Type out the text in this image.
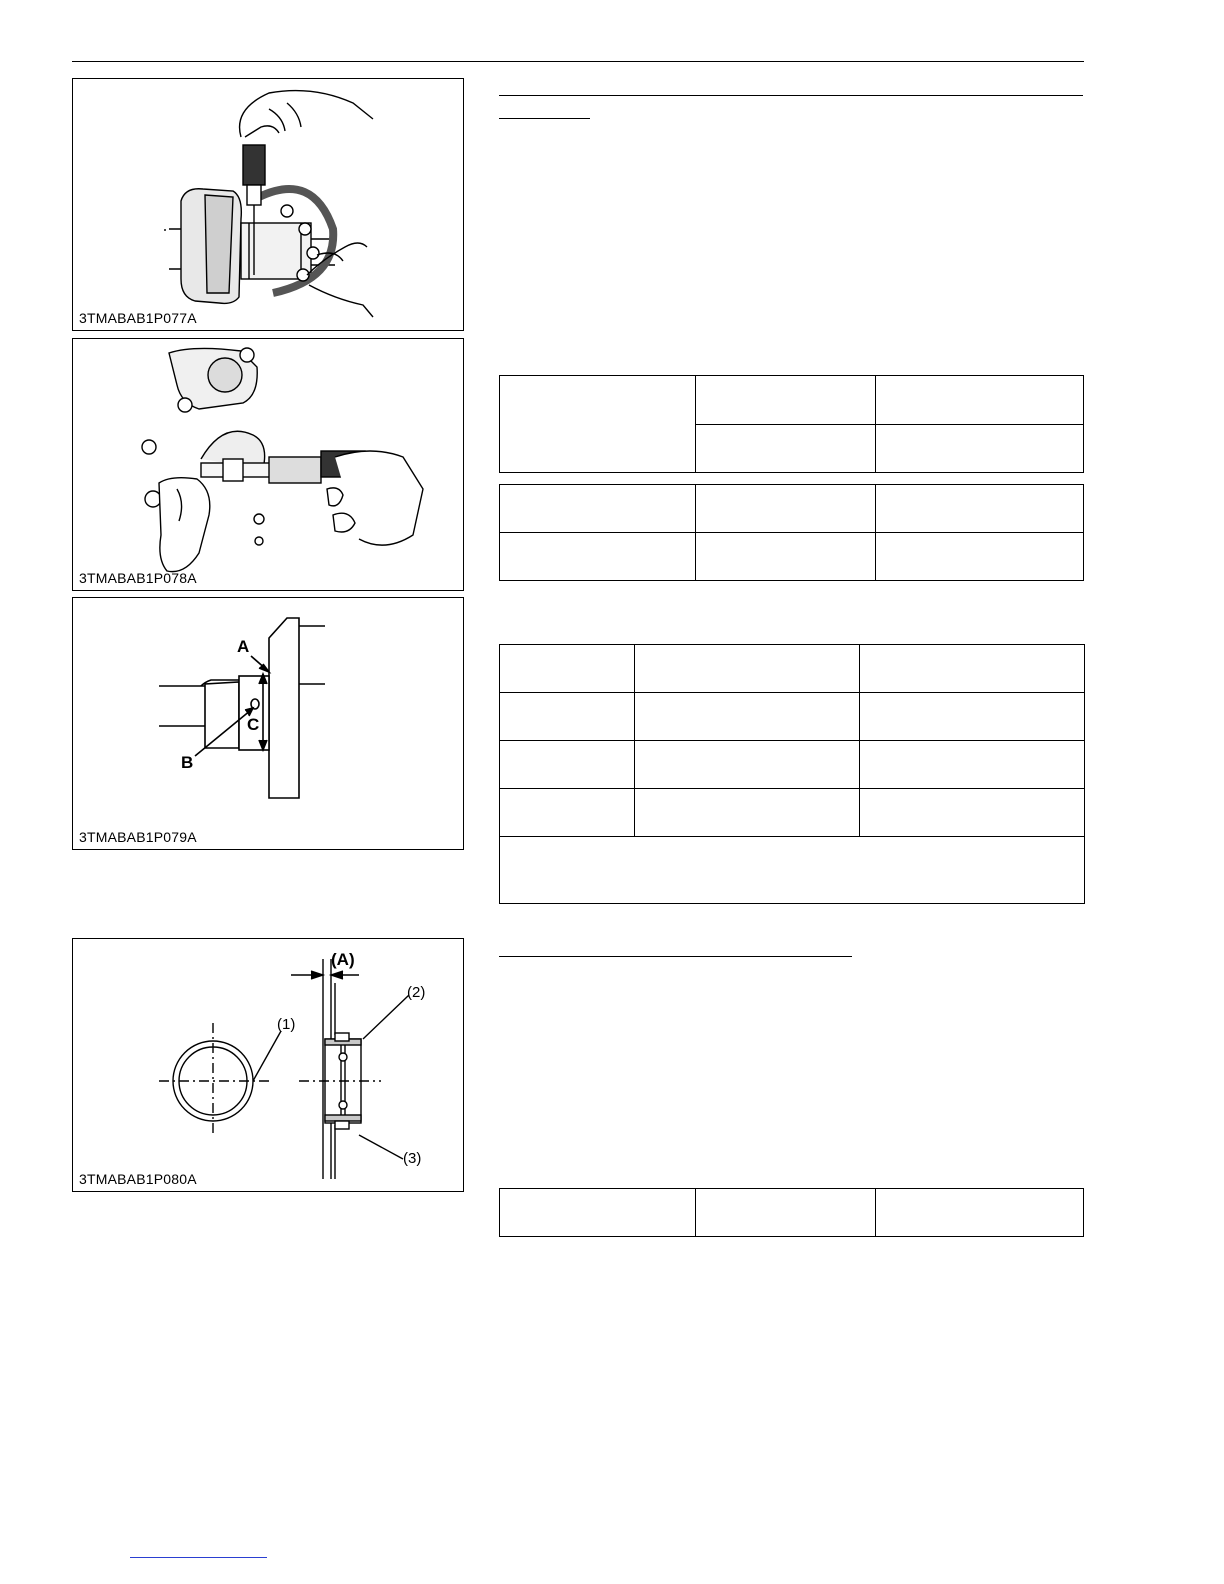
3TMABAB1P077A
3TMABAB1P078A
A
C
B
3TMABAB1P079A
(A)
(1)
(2)
(3)
3TMABAB1P080A
